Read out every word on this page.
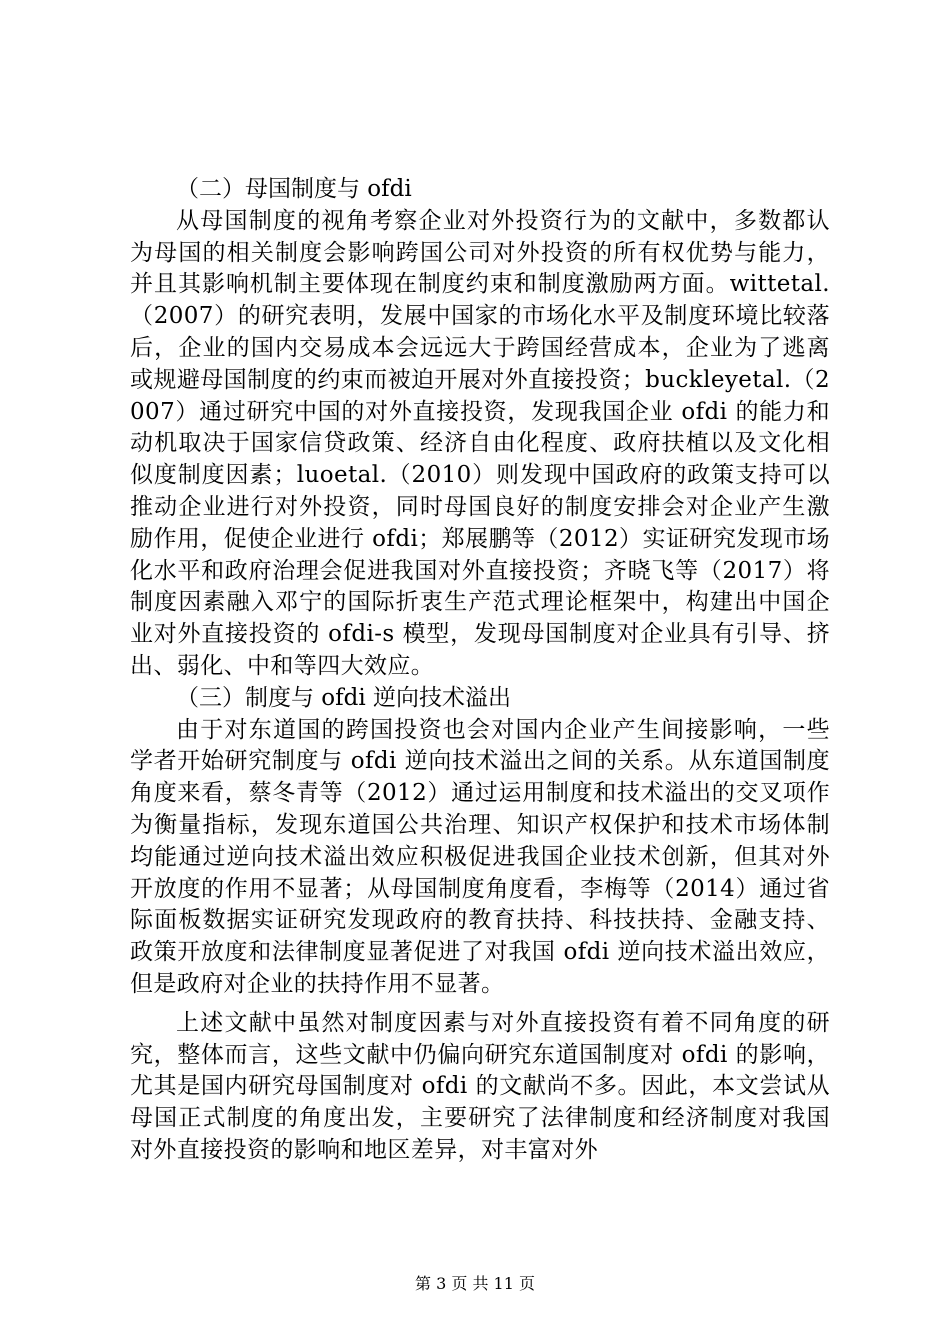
（二）母国制度与 ofdi

从母国制度的视角考察企业对外投资行为的文献中，多数都认为母国的相关制度会影响跨国公司对外投资的所有权优势与能力，并且其影响机制主要体现在制度约束和制度激励两方面。wittetal.（2007）的研究表明，发展中国家的市场化水平及制度环境比较落后，企业的国内交易成本会远远大于跨国经营成本，企业为了逃离或规避母国制度的约束而被迫开展对外直接投资；buckleyetal.（2007）通过研究中国的对外直接投资，发现我国企业 ofdi 的能力和动机取决于国家信贷政策、经济自由化程度、政府扶植以及文化相似度制度因素；luoetal.（2010）则发现中国政府的政策支持可以推动企业进行对外投资，同时母国良好的制度安排会对企业产生激励作用，促使企业进行 ofdi；郑展鹏等（2012）实证研究发现市场化水平和政府治理会促进我国对外直接投资；齐晓飞等（2017）将制度因素融入邓宁的国际折衷生产范式理论框架中，构建出中国企业对外直接投资的 ofdi-s 模型，发现母国制度对企业具有引导、挤出、弱化、中和等四大效应。

（三）制度与 ofdi 逆向技术溢出

由于对东道国的跨国投资也会对国内企业产生间接影响，一些学者开始研究制度与 ofdi 逆向技术溢出之间的关系。从东道国制度角度来看，蔡冬青等（2012）通过运用制度和技术溢出的交叉项作为衡量指标，发现东道国公共治理、知识产权保护和技术市场体制均能通过逆向技术溢出效应积极促进我国企业技术创新，但其对外开放度的作用不显著；从母国制度角度看，李梅等（2014）通过省际面板数据实证研究发现政府的教育扶持、科技扶持、金融支持、政策开放度和法律制度显著促进了对我国 ofdi 逆向技术溢出效应，但是政府对企业的扶持作用不显著。

上述文献中虽然对制度因素与对外直接投资有着不同角度的研究，整体而言，这些文献中仍偏向研究东道国制度对 ofdi 的影响，尤其是国内研究母国制度对 ofdi 的文献尚不多。因此，本文尝试从母国正式制度的角度出发，主要研究了法律制度和经济制度对我国对外直接投资的影响和地区差异，对丰富对外

第 3 页 共 11 页
